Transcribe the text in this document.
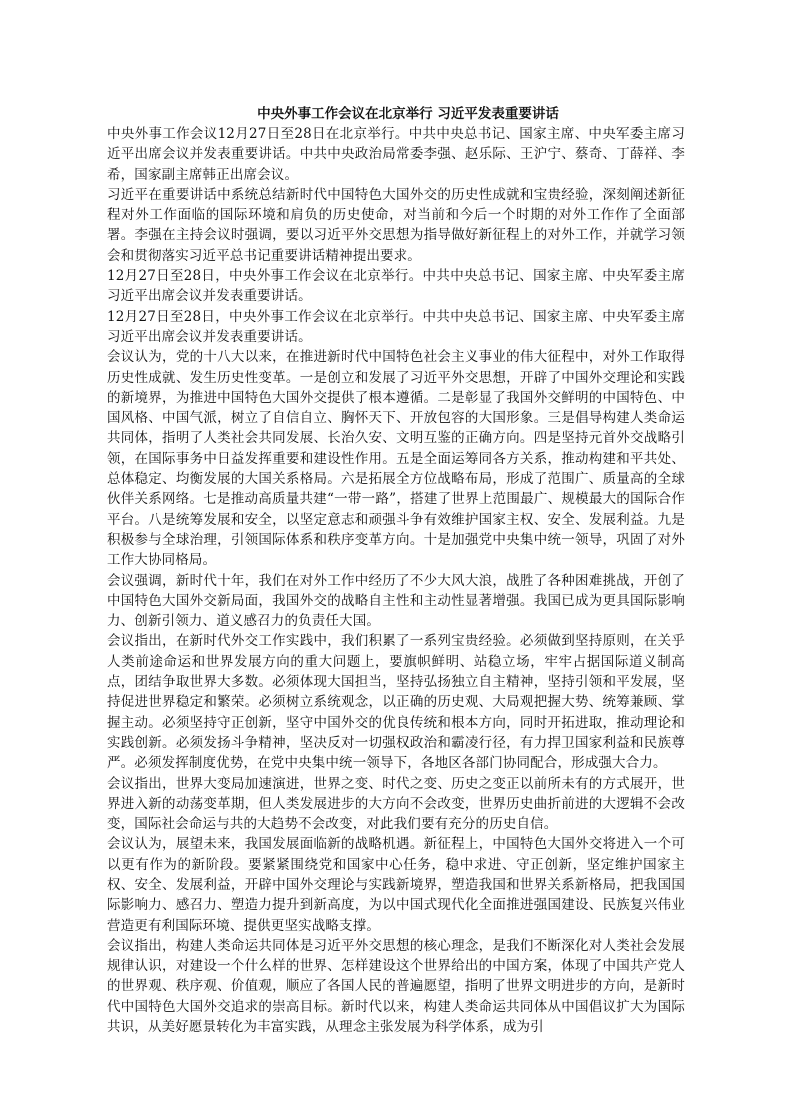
中央外事工作会议在北京举行 习近平发表重要讲话

中央外事工作会议12月27日至28日在北京举行。中共中央总书记、国家主席、中央军委主席习近平出席会议并发表重要讲话。中共中央政治局常委李强、赵乐际、王沪宁、蔡奇、丁薛祥、李希，国家副主席韩正出席会议。

习近平在重要讲话中系统总结新时代中国特色大国外交的历史性成就和宝贵经验，深刻阐述新征程对外工作面临的国际环境和肩负的历史使命，对当前和今后一个时期的对外工作作了全面部署。李强在主持会议时强调，要以习近平外交思想为指导做好新征程上的对外工作，并就学习领会和贯彻落实习近平总书记重要讲话精神提出要求。

12月27日至28日，中央外事工作会议在北京举行。中共中央总书记、国家主席、中央军委主席习近平出席会议并发表重要讲话。

12月27日至28日，中央外事工作会议在北京举行。中共中央总书记、国家主席、中央军委主席习近平出席会议并发表重要讲话。

会议认为，党的十八大以来，在推进新时代中国特色社会主义事业的伟大征程中，对外工作取得历史性成就、发生历史性变革。一是创立和发展了习近平外交思想，开辟了中国外交理论和实践的新境界，为推进中国特色大国外交提供了根本遵循。二是彰显了我国外交鲜明的中国特色、中国风格、中国气派，树立了自信自立、胸怀天下、开放包容的大国形象。三是倡导构建人类命运共同体，指明了人类社会共同发展、长治久安、文明互鉴的正确方向。四是坚持元首外交战略引领，在国际事务中日益发挥重要和建设性作用。五是全面运筹同各方关系，推动构建和平共处、总体稳定、均衡发展的大国关系格局。六是拓展全方位战略布局，形成了范围广、质量高的全球伙伴关系网络。七是推动高质量共建“一带一路”，搭建了世界上范围最广、规模最大的国际合作平台。八是统筹发展和安全，以坚定意志和顽强斗争有效维护国家主权、安全、发展利益。九是积极参与全球治理，引领国际体系和秩序变革方向。十是加强党中央集中统一领导，巩固了对外工作大协同格局。

会议强调，新时代十年，我们在对外工作中经历了不少大风大浪，战胜了各种困难挑战，开创了中国特色大国外交新局面，我国外交的战略自主性和主动性显著增强。我国已成为更具国际影响力、创新引领力、道义感召力的负责任大国。

会议指出，在新时代外交工作实践中，我们积累了一系列宝贵经验。必须做到坚持原则，在关乎人类前途命运和世界发展方向的重大问题上，要旗帜鲜明、站稳立场，牢牢占据国际道义制高点，团结争取世界大多数。必须体现大国担当，坚持弘扬独立自主精神，坚持引领和平发展，坚持促进世界稳定和繁荣。必须树立系统观念，以正确的历史观、大局观把握大势、统筹兼顾、掌握主动。必须坚持守正创新，坚守中国外交的优良传统和根本方向，同时开拓进取，推动理论和实践创新。必须发扬斗争精神，坚决反对一切强权政治和霸凌行径，有力捍卫国家利益和民族尊严。必须发挥制度优势，在党中央集中统一领导下，各地区各部门协同配合，形成强大合力。

会议指出，世界大变局加速演进，世界之变、时代之变、历史之变正以前所未有的方式展开，世界进入新的动荡变革期，但人类发展进步的大方向不会改变，世界历史曲折前进的大逻辑不会改变，国际社会命运与共的大趋势不会改变，对此我们要有充分的历史自信。

会议认为，展望未来，我国发展面临新的战略机遇。新征程上，中国特色大国外交将进入一个可以更有作为的新阶段。要紧紧围绕党和国家中心任务，稳中求进、守正创新，坚定维护国家主权、安全、发展利益，开辟中国外交理论与实践新境界，塑造我国和世界关系新格局，把我国国际影响力、感召力、塑造力提升到新高度，为以中国式现代化全面推进强国建设、民族复兴伟业营造更有利国际环境、提供更坚实战略支撑。

会议指出，构建人类命运共同体是习近平外交思想的核心理念，是我们不断深化对人类社会发展规律认识，对建设一个什么样的世界、怎样建设这个世界给出的中国方案，体现了中国共产党人的世界观、秩序观、价值观，顺应了各国人民的普遍愿望，指明了世界文明进步的方向，是新时代中国特色大国外交追求的崇高目标。新时代以来，构建人类命运共同体从中国倡议扩大为国际共识，从美好愿景转化为丰富实践，从理念主张发展为科学体系，成为引
